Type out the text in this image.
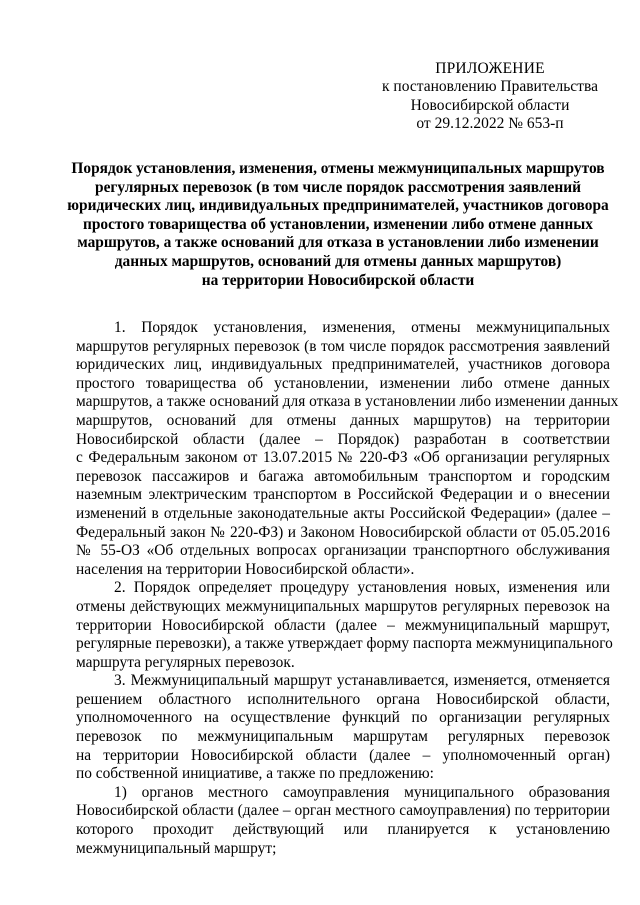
ПРИЛОЖЕНИЕ
к постановлению Правительства
Новосибирской области
от 29.12.2022 № 653-п
Порядок установления, изменения, отмены межмуниципальных маршрутов
регулярных перевозок (в том числе порядок рассмотрения заявлений
юридических лиц, индивидуальных предпринимателей, участников договора
простого товарищества об установлении, изменении либо отмене данных
маршрутов, а также оснований для отказа в установлении либо изменении
данных маршрутов, оснований для отмены данных маршрутов)
на территории Новосибирской области
1. Порядок установления, изменения, отмены межмуниципальных
маршрутов регулярных перевозок (в том числе порядок рассмотрения заявлений
юридических лиц, индивидуальных предпринимателей, участников договора
простого товарищества об установлении, изменении либо отмене данных
маршрутов, а также оснований для отказа в установлении либо изменении данных
маршрутов, оснований для отмены данных маршрутов) на территории
Новосибирской области (далее – Порядок) разработан в соответствии
с Федеральным законом от 13.07.2015 № 220-ФЗ «Об организации регулярных
перевозок пассажиров и багажа автомобильным транспортом и городским
наземным электрическим транспортом в Российской Федерации и о внесении
изменений в отдельные законодательные акты Российской Федерации» (далее –
Федеральный закон № 220-ФЗ) и Законом Новосибирской области от 05.05.2016
№ 55-ОЗ «Об отдельных вопросах организации транспортного обслуживания
населения на территории Новосибирской области».
2. Порядок определяет процедуру установления новых, изменения или
отмены действующих межмуниципальных маршрутов регулярных перевозок на
территории Новосибирской области (далее – межмуниципальный маршрут,
регулярные перевозки), а также утверждает форму паспорта межмуниципального
маршрута регулярных перевозок.
3. Межмуниципальный маршрут устанавливается, изменяется, отменяется
решением областного исполнительного органа Новосибирской области,
уполномоченного на осуществление функций по организации регулярных
перевозок по межмуниципальным маршрутам регулярных перевозок
на территории Новосибирской области (далее – уполномоченный орган)
по собственной инициативе, а также по предложению:
1) органов местного самоуправления муниципального образования
Новосибирской области (далее – орган местного самоуправления) по территории
которого проходит действующий или планируется к установлению
межмуниципальный маршрут;
